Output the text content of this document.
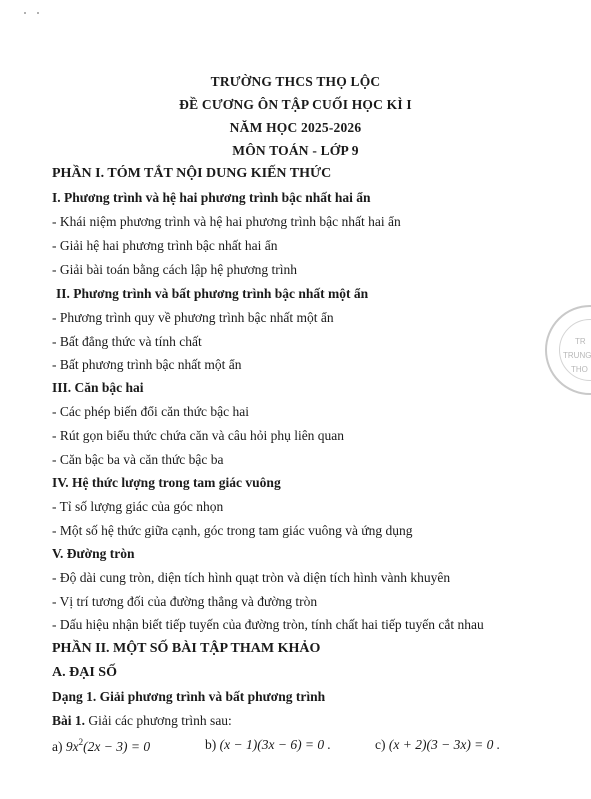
TRƯỜNG THCS THỌ LỘC
ĐỀ CƯƠNG ÔN TẬP CUỐI HỌC KÌ I
NĂM HỌC 2025-2026
MÔN TOÁN - LỚP 9
PHẦN I. TÓM TẮT NỘI DUNG KIẾN THỨC
I. Phương trình và hệ hai phương trình bậc nhất hai ẩn
- Khái niệm phương trình và hệ hai phương trình bậc nhất hai ẩn
- Giải hệ hai phương trình bậc nhất hai ẩn
- Giải bài toán bằng cách lập hệ phương trình
II. Phương trình và bất phương trình bậc nhất một ẩn
- Phương trình quy về phương trình bậc nhất một ẩn
- Bất đẳng thức và tính chất
- Bất phương trình bậc nhất một ẩn
III. Căn bậc hai
- Các phép biến đổi căn thức bậc hai
- Rút gọn biểu thức chứa căn và câu hỏi phụ liên quan
- Căn bậc ba và căn thức bậc ba
IV. Hệ thức lượng trong tam giác vuông
- Tỉ số lượng giác của góc nhọn
- Một số hệ thức giữa cạnh, góc trong tam giác vuông và ứng dụng
V. Đường tròn
- Độ dài cung tròn, diện tích hình quạt tròn và diện tích hình vành khuyên
- Vị trí tương đối của đường thẳng và đường tròn
- Dấu hiệu nhận biết tiếp tuyến của đường tròn, tính chất hai tiếp tuyến cắt nhau
PHẦN II. MỘT SỐ BÀI TẬP THAM KHẢO
A. ĐẠI SỐ
Dạng 1. Giải phương trình và bất phương trình
Bài 1. Giải các phương trình sau:
a) $9x^2(2x - 3) = 0$	b) (x − 1)(3x − 6) = 0 .	c) (x + 2)(3 − 3x) = 0 .
TR
TRUNG
THO
